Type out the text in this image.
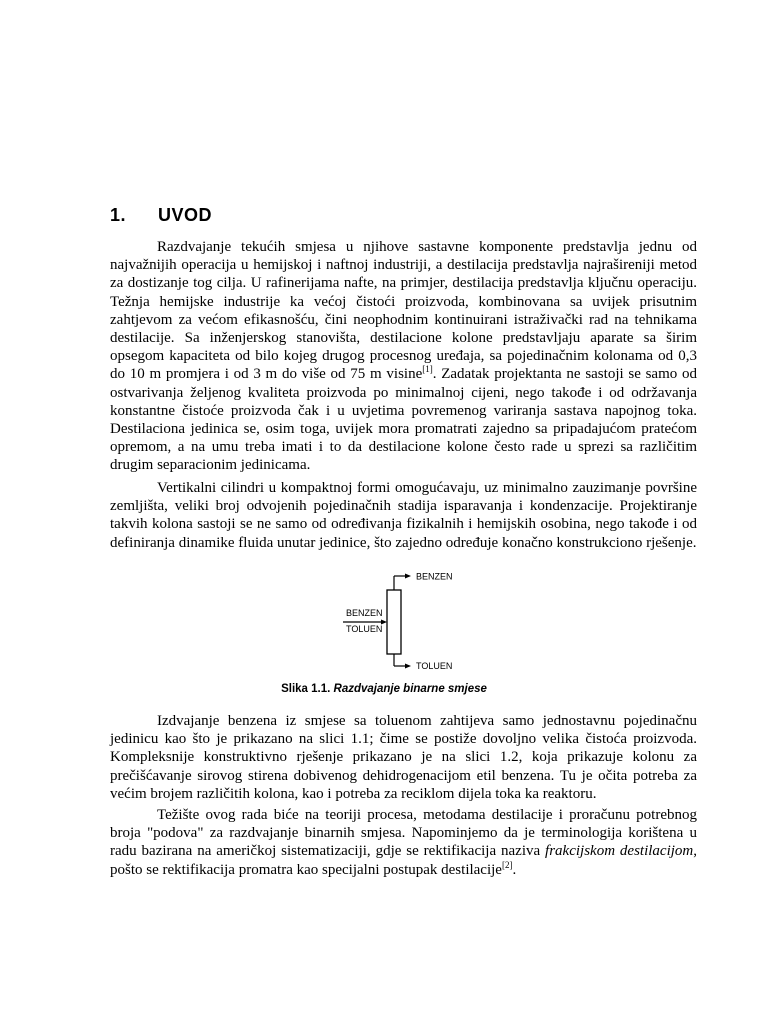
1. UVOD

Razdvajanje tekućih smjesa u njihove sastavne komponente predstavlja jednu od najvažnijih operacija u hemijskoj i naftnoj industriji, a destilacija predstavlja najrašireniji metod za dostizanje tog cilja. U rafinerijama nafte, na primjer, destilacija predstavlja ključnu operaciju. Težnja hemijske industrije ka većoj čistoći proizvoda, kombinovana sa uvijek prisutnim zahtjevom za većom efikasnošću, čini neophodnim kontinuirani istraživački rad na tehnikama destilacije. Sa inženjerskog stanovišta, destilacione kolone predstavljaju aparate sa širim opsegom kapaciteta od bilo kojeg drugog procesnog uređaja, sa pojedinačnim kolonama od 0,3 do 10 m promjera i od 3 m do više od 75 m visine[1]. Zadatak projektanta ne sastoji se samo od ostvarivanja željenog kvaliteta proizvoda po minimalnoj cijeni, nego takođe i od održavanja konstantne čistoće proizvoda čak i u uvjetima povremenog variranja sastava napojnog toka. Destilaciona jedinica se, osim toga, uvijek mora promatrati zajedno sa pripadajućom pratećom opremom, a na umu treba imati i to da destilacione kolone često rade u sprezi sa različitim drugim separacionim jedinicama.

Vertikalni cilindri u kompaktnoj formi omogućavaju, uz minimalno zauzimanje površine zemljišta, veliki broj odvojenih pojedinačnih stadija isparavanja i kondenzacije. Projektiranje takvih kolona sastoji se ne samo od određivanja fizikalnih i hemijskih osobina, nego takođe i od definiranja dinamike fluida unutar jedinice, što zajedno određuje konačno konstrukciono rješenje.

BENZEN
BENZEN
TOLUEN
TOLUEN
Slika 1.1. Razdvajanje binarne smjese

Izdvajanje benzena iz smjese sa toluenom zahtijeva samo jednostavnu pojedinačnu jedinicu kao što je prikazano na slici 1.1; čime se postiže dovoljno velika čistoća proizvoda. Kompleksnije konstruktivno rješenje prikazano je na slici 1.2, koja prikazuje kolonu za prečišćavanje sirovog stirena dobivenog dehidrogenacijom etil benzena. Tu je očita potreba za većim brojem različitih kolona, kao i potreba za reciklom dijela toka ka reaktoru.

Težište ovog rada biće na teoriji procesa, metodama destilacije i proračunu potrebnog broja "podova" za razdvajanje binarnih smjesa. Napominjemo da je terminologija korištena u radu bazirana na američkoj sistematizaciji, gdje se rektifikacija naziva frakcijskom destilacijom, pošto se rektifikacija promatra kao specijalni postupak destilacije[2].
